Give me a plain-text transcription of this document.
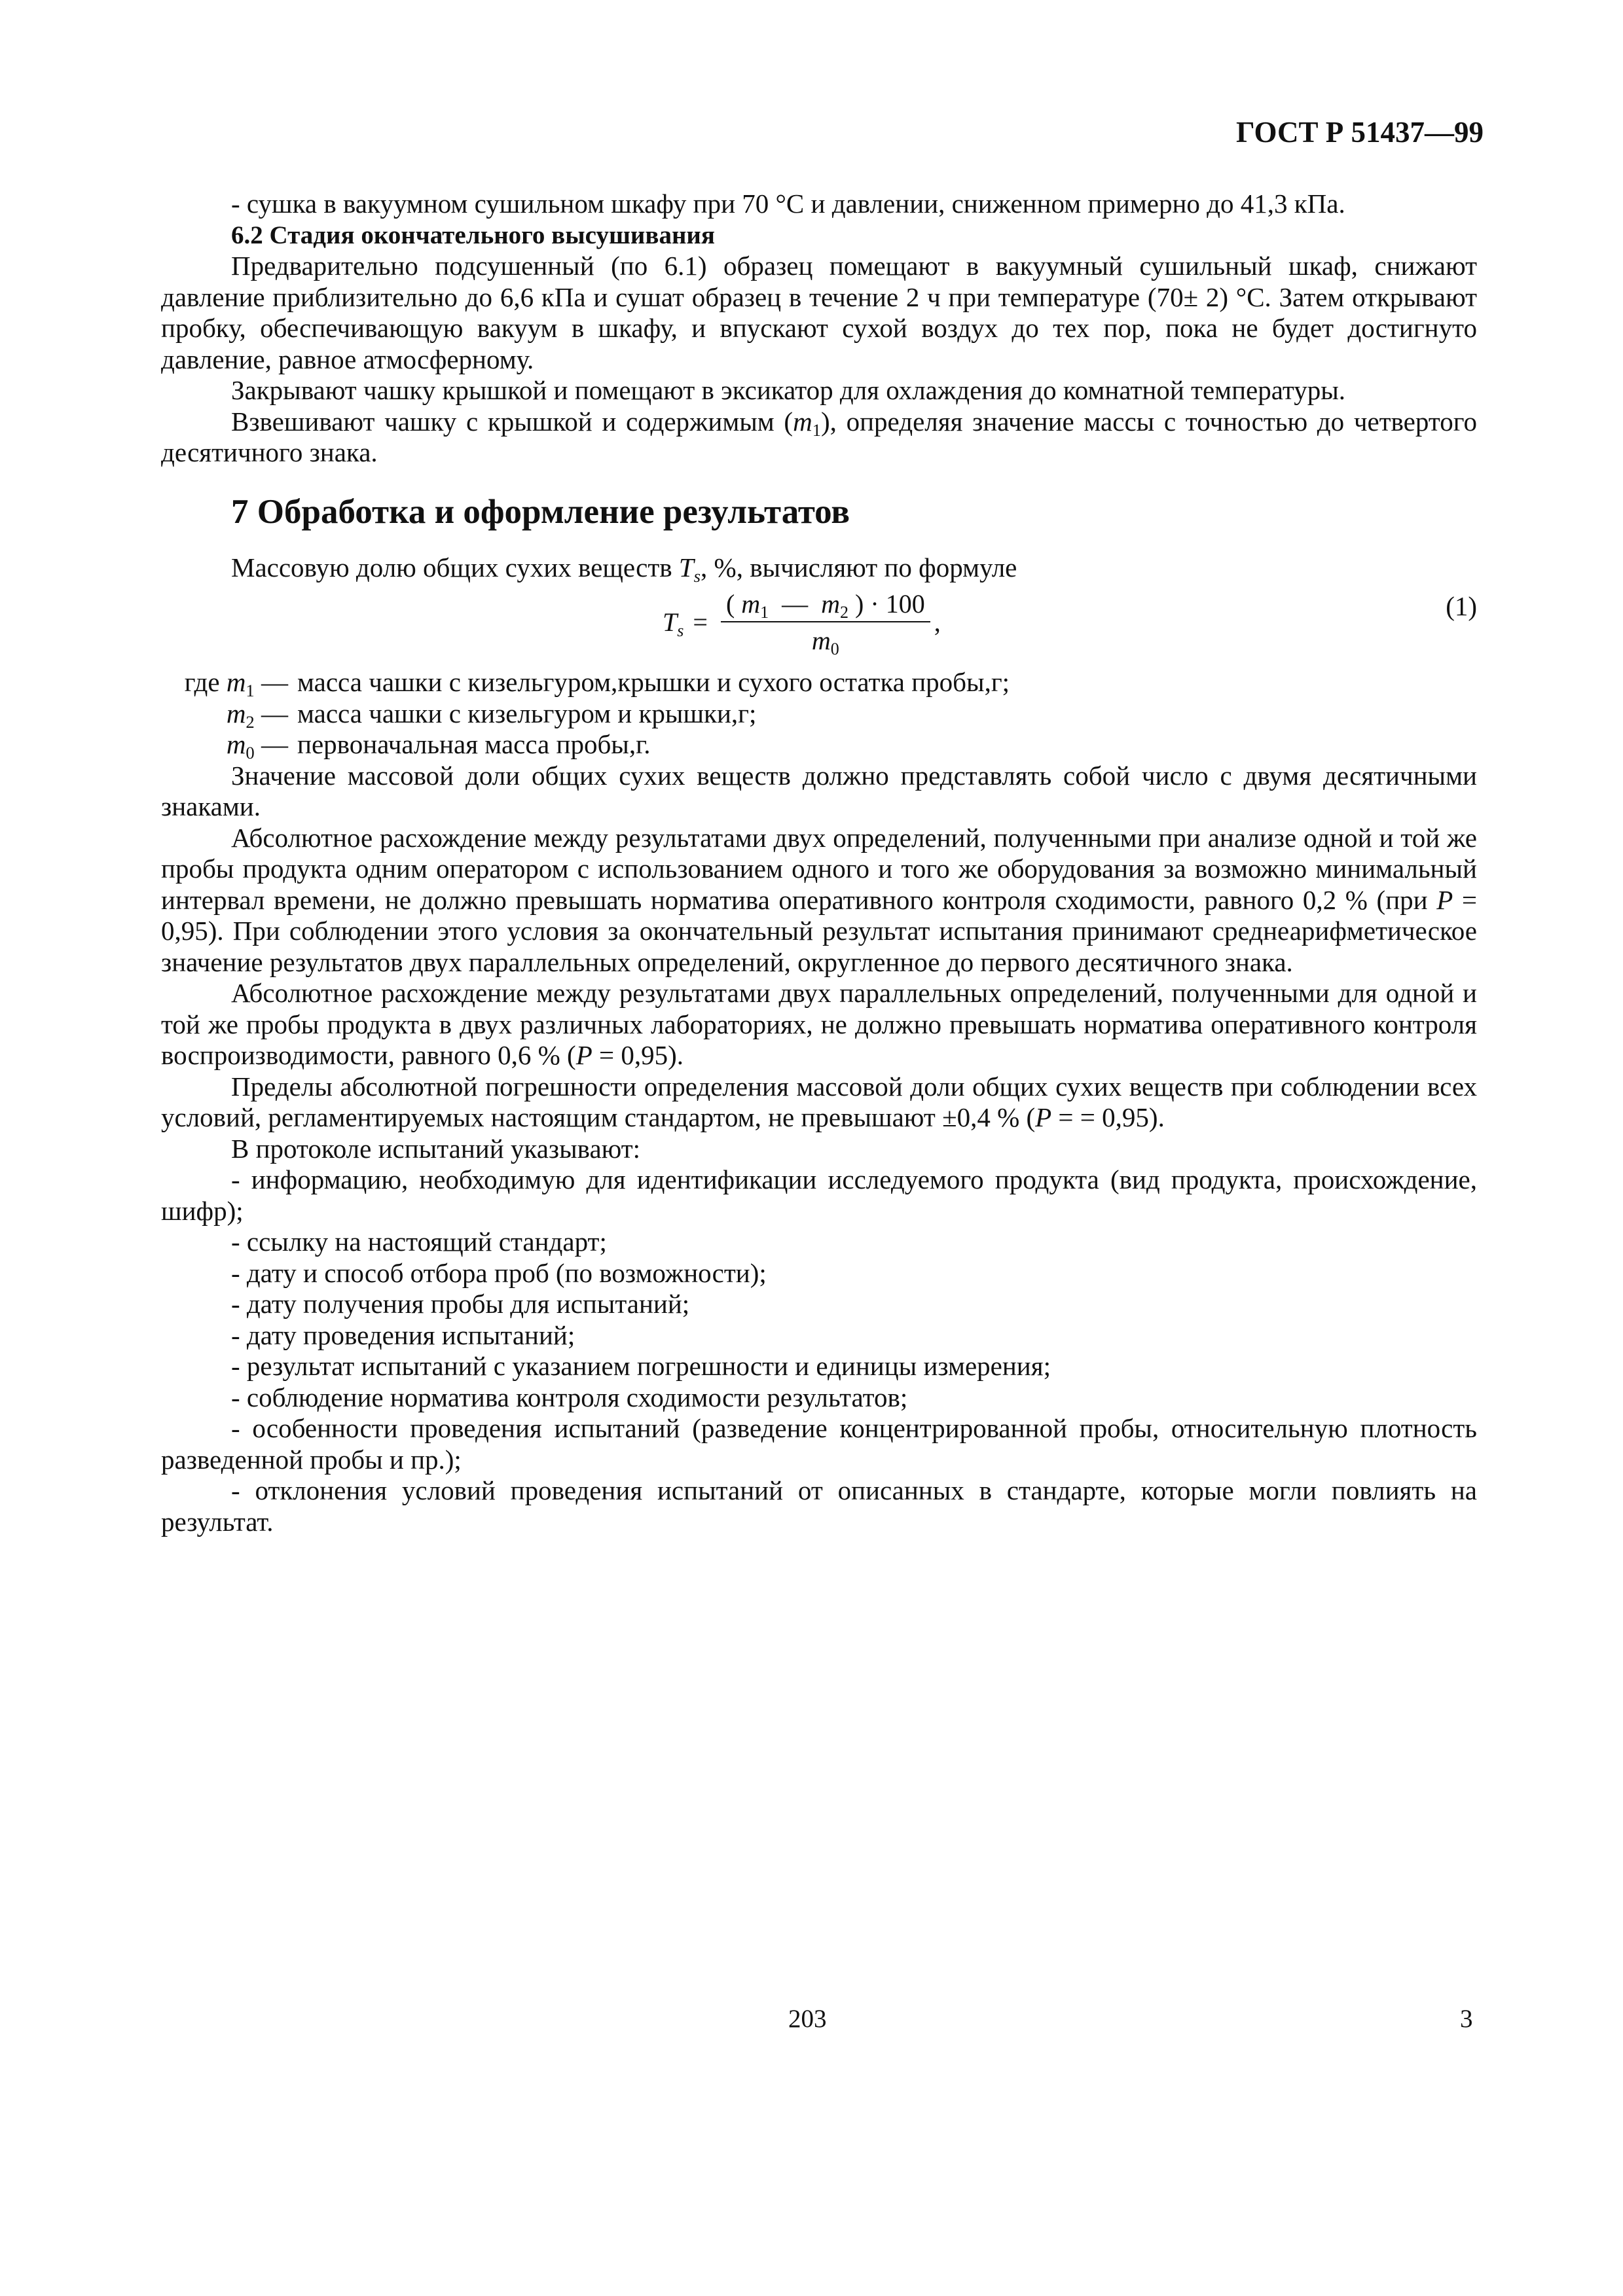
ГОСТ Р 51437—99

- сушка в вакуумном сушильном шкафу при 70 °С и давлении, сниженном примерно до 41,3 кПа.

6.2 Стадия окончательного высушивания

Предварительно подсушенный (по 6.1) образец помещают в вакуумный сушильный шкаф, снижают давление приблизительно до 6,6 кПа и сушат образец в течение 2 ч при температуре (70± 2) °С. Затем открывают пробку, обеспечивающую вакуум в шкафу, и впускают сухой воздух до тех пор, пока не будет достигнуто давление, равное атмосферному.

Закрывают чашку крышкой и помещают в эксикатор для охлаждения до комнатной температуры.

Взвешивают чашку с крышкой и содержимым $(m_1)$, определяя значение массы с точностью до четвертого десятичного знака.

7 Обработка и оформление результатов

Массовую долю общих сухих веществ $T_s$, %, вычисляют по формуле

$T_s = \frac{( m_1 — m_2 ) \cdot 100}{m_0}$ ,
(1)
где $m_1$ — масса чашки с кизельгуром,крышки и сухого остатка пробы,г;
$m_2$ — масса чашки с кизельгуром и крышки,г;
$m_0$ — первоначальная масса пробы,г.

Значение массовой доли общих сухих веществ должно представлять собой число с двумя десятичными знаками.

Абсолютное расхождение между результатами двух определений, полученными при анализе одной и той же пробы продукта одним оператором с использованием одного и того же оборудования за возможно минимальный интервал времени, не должно превышать норматива оперативного контроля сходимости, равного 0,2 % (при P = 0,95). При соблюдении этого условия за окончательный результат испытания принимают среднеарифметическое значение результатов двух параллельных определений, округленное до первого десятичного знака.

Абсолютное расхождение между результатами двух параллельных определений, полученными для одной и той же пробы продукта в двух различных лабораториях, не должно превышать норматива оперативного контроля воспроизводимости, равного 0,6 % (P = 0,95).

Пределы абсолютной погрешности определения массовой доли общих сухих веществ при соблюдении всех условий, регламентируемых настоящим стандартом, не превышают ±0,4 % (P = = 0,95).

В протоколе испытаний указывают:

- информацию, необходимую для идентификации исследуемого продукта (вид продукта, происхождение, шифр);

- ссылку на настоящий стандарт;

- дату и способ отбора проб (по возможности);

- дату получения пробы для испытаний;

- дату проведения испытаний;

- результат испытаний с указанием погрешности и единицы измерения;

- соблюдение норматива контроля сходимости результатов;

- особенности проведения испытаний (разведение концентрированной пробы, относительную плотность разведенной пробы и пр.);

- отклонения условий проведения испытаний от описанных в стандарте, которые могли повлиять на результат.

203	3
